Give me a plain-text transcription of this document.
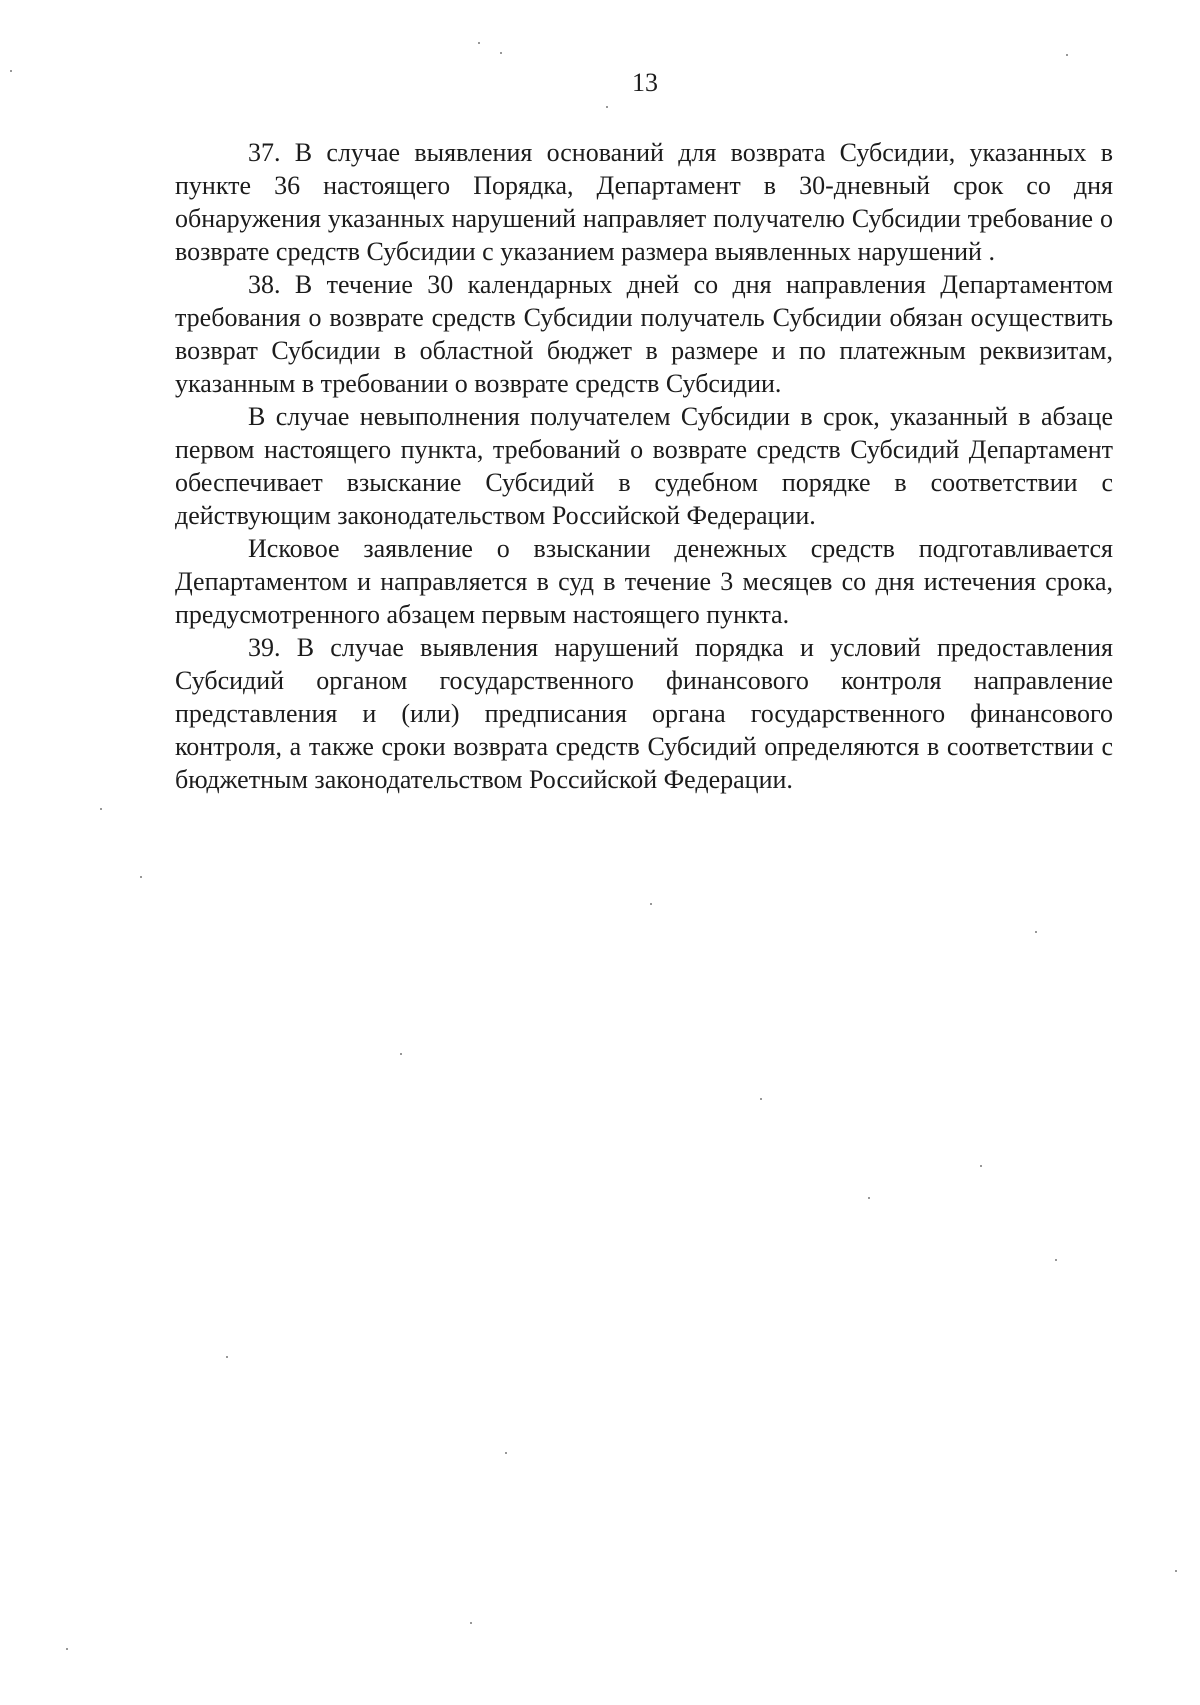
13

37. В случае выявления оснований для возврата Субсидии, указанных в пункте 36 настоящего Порядка, Департамент в 30-дневный срок со дня обнаружения указанных нарушений направляет получателю Субсидии требование о возврате средств Субсидии с указанием размера выявленных нарушений .

38. В течение 30 календарных дней со дня направления Департаментом требования о возврате средств Субсидии получатель Субсидии обязан осуществить возврат Субсидии в областной бюджет в размере и по платежным реквизитам, указанным в требовании о возврате средств Субсидии.

В случае невыполнения получателем Субсидии в срок, указанный в абзаце первом настоящего пункта, требований о возврате средств Субсидий Департамент обеспечивает взыскание Субсидий в судебном порядке в соответствии с действующим законодательством Российской Федерации.

Исковое заявление о взыскании денежных средств подготавливается Департаментом и направляется в суд в течение 3 месяцев со дня истечения срока, предусмотренного абзацем первым настоящего пункта.

39. В случае выявления нарушений порядка и условий предоставления Субсидий органом государственного финансового контроля направление представления и (или) предписания органа государственного финансового контроля, а также сроки возврата средств Субсидий определяются в соответствии с бюджетным законодательством Российской Федерации.
